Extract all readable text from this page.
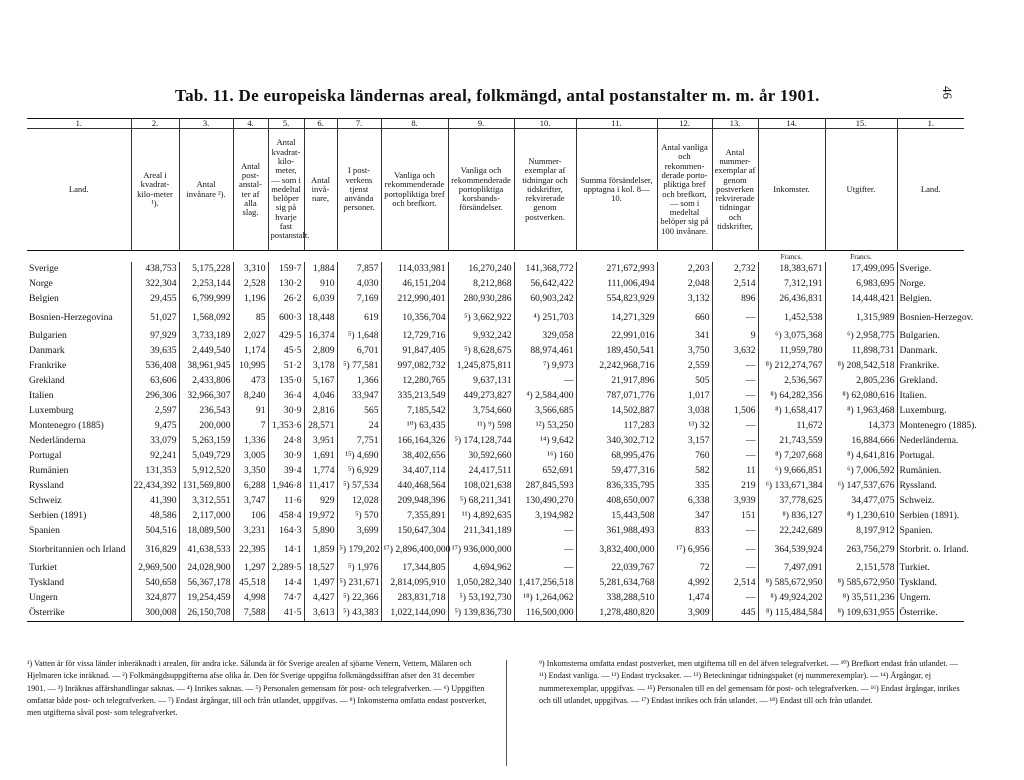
Tab. 11. De europeiska ländernas areal, folkmängd, antal postanstalter m. m. år 1901.	46
1.	2.	3.	4.	5.	6.	7.	8.	9.	10.	11.	12.	13.	14.	15.	1.
Land.	Areal i kvadrat-kilo-meter ¹).	Antal invånare ²).	Antal post-anstal-ter af alla slag.	Antal kvadrat-kilo-meter, — som i medeltal belöper sig på hvarje fast postanstalt.	Antal invå-nare,	I post-verkens tjenst använda personer.	Vanliga och rekommenderade portopliktiga bref och brefkort.	Vanliga och rekommenderade portopliktiga korsbands-försändelser.	Nummer-exemplar af tidningar och tidskrifter, rekvirerade genom postverken.	Summa försändelser, upptagna i kol. 8—10.	Antal vanliga och rekommen-derade porto-pliktiga bref och brefkort, — som i medeltal belöper sig på 100 invånare.	Antal nummer-exemplar af genom postverken rekvirerade tidningar och tidskrifter,	Inkomster.	Utgifter.	Land.
													Francs.	Francs.	
Sverige	438,753	5,175,228	3,310	159·7	1,884	7,857	114,033,981	16,270,240	141,368,772	271,672,993	2,203	2,732	18,383,671	17,499,095	Sverige.
Norge	322,304	2,253,144	2,528	130·2	910	4,030	46,151,204	8,212,868	56,642,422	111,006,494	2,048	2,514	7,312,191	6,983,695	Norge.
Belgien	29,455	6,799,999	1,196	26·2	6,039	7,169	212,990,401	280,930,286	60,903,242	554,823,929	3,132	896	26,436,831	14,448,421	Belgien.
Bosnien-Herzegovina	51,027	1,568,092	85	600·3	18,448	619	10,356,704	⁵) 3,662,922	⁴) 251,703	14,271,329	660	—	1,452,538	1,315,989	Bosnien-Herzegov.
Bulgarien	97,929	3,733,189	2,027	429·5	16,374	⁵) 1,648	12,729,716	9,932,242	329,058	22,991,016	341	9	⁶) 3,075,368	⁶) 2,958,775	Bulgarien.
Danmark	39,635	2,449,540	1,174	45·5	2,809	6,701	91,847,405	⁵) 8,628,675	88,974,461	189,450,541	3,750	3,632	11,959,780	11,898,731	Danmark.
Frankrike	536,408	38,961,945	10,995	51·2	3,178	⁵) 77,581	997,082,732	1,245,875,811	⁷) 9,973	2,242,968,716	2,559	—	⁸) 212,274,767	⁸) 208,542,518	Frankrike.
Grekland	63,606	2,433,806	473	135·0	5,167	1,366	12,280,765	9,637,131	—	21,917,896	505	—	2,536,567	2,805,236	Grekland.
Italien	296,306	32,966,307	8,240	36·4	4,046	33,947	335,213,549	449,273,827	⁴) 2,584,400	787,071,776	1,017	—	⁸) 64,282,356	⁸) 62,080,616	Italien.
Luxemburg	2,597	236,543	91	30·9	2,816	565	7,185,542	3,754,660	3,566,685	14,502,887	3,038	1,506	⁸) 1,658,417	⁸) 1,963,468	Luxemburg.
Montenegro (1885)	9,475	200,000	7	1,353·6	28,571	24	¹⁰) 63,435	¹¹) ⁹) 598	¹²) 53,250	117,283	¹³) 32	—	11,672	14,373	Montenegro (1885).
Nederländerna	33,079	5,263,159	1,336	24·8	3,951	7,751	166,164,326	⁵) 174,128,744	¹⁴) 9,642	340,302,712	3,157	—	21,743,559	16,884,666	Nederländerna.
Portugal	92,241	5,049,729	3,005	30·9	1,691	¹⁵) 4,690	38,402,656	30,592,660	¹⁶) 160	68,995,476	760	—	⁸) 7,207,668	⁸) 4,641,816	Portugal.
Rumänien	131,353	5,912,520	3,350	39·4	1,774	⁵) 6,929	34,407,114	24,417,511	652,691	59,477,316	582	11	⁶) 9,666,851	⁶) 7,006,592	Rumänien.
Ryssland	22,434,392	131,569,800	6,288	1,946·8	11,417	⁵) 57,534	440,468,564	108,021,638	287,845,593	836,335,795	335	219	⁶) 133,671,384	⁶) 147,537,676	Ryssland.
Schweiz	41,390	3,312,551	3,747	11·6	929	12,028	209,948,396	⁵) 68,211,341	130,490,270	408,650,007	6,338	3,939	37,778,625	34,477,075	Schweiz.
Serbien (1891)	48,586	2,117,000	106	458·4	19,972	⁵) 570	7,355,891	¹¹) 4,892,635	3,194,982	15,443,508	347	151	⁸) 836,127	⁸) 1,230,610	Serbien (1891).
Spanien	504,516	18,089,500	3,231	164·3	5,890	3,699	150,647,304	211,341,189	—	361,988,493	833	—	22,242,689	8,197,912	Spanien.
Storbritannien och Irland	316,829	41,638,533	22,395	14·1	1,859	⁵) 179,202	¹⁷) 2,896,400,000	¹⁷) 936,000,000	—	3,832,400,000	¹⁷) 6,956	—	364,539,924	263,756,279	Storbrit. o. Irland.
Turkiet	2,969,500	24,028,900	1,297	2,289·5	18,527	⁵) 1,976	17,344,805	4,694,962	—	22,039,767	72	—	7,497,091	2,151,578	Turkiet.
Tyskland	540,658	56,367,178	45,518	14·4	1,497	⁵) 231,671	2,814,095,910	1,050,282,340	1,417,256,518	5,281,634,768	4,992	2,514	⁸) 585,672,950	⁸) 585,672,950	Tyskland.
Ungern	324,877	19,254,459	4,998	74·7	4,427	⁵) 22,366	283,831,718	⁵) 53,192,730	¹⁸) 1,264,062	338,288,510	1,474	—	⁸) 49,924,202	⁸) 35,511,236	Ungern.
Österrike	300,008	26,150,708	7,588	41·5	3,613	⁵) 43,383	1,022,144,090	⁵) 139,836,730	116,500,000	1,278,480,820	3,909	445	⁸) 115,484,584	⁸) 109,631,955	Österrike.
¹) Vatten är för vissa länder inberäknadt i arealen, för andra icke. Sålunda är för Sverige arealen af sjöarne Venern, Vettern, Mälaren och Hjelmaren icke inräknad. — ²) Folkmängdsuppgifterna afse olika år. Den för Sverige uppgifna folkmängdssiffran afser den 31 december 1901. — ³) Inräknas affärshandlingar saknas. — ⁴) Inrikes saknas. — ⁵) Personalen gemensam för post- och telegrafverken. — ⁶) Uppgiften omfattar både post- och telegrafverken. — ⁷) Endast årgångar, till och från utlandet, uppgifvas. — ⁸) Inkomsterna omfatta endast postverket, men utgifterna såväl post- som telegrafverket.
⁹) Inkomsterna omfatta endast postverket, men utgifterna till en del äfven telegrafverket. — ¹⁰) Brefkort endast från utlandet. — ¹¹) Endast vanliga. — ¹²) Endast trycksaker. — ¹³) Beteckningar tidningspaket (ej nummerexemplar). — ¹⁴) Årgångar, ej nummerexemplar, uppgifvas. — ¹⁵) Personalen till en del gemensam för post- och telegrafverken. — ¹⁶) Endast årgångar, inrikes och till utlandet, uppgifvas. — ¹⁷) Endast inrikes och från utlandet. — ¹⁸) Endast till och från utlandet.
